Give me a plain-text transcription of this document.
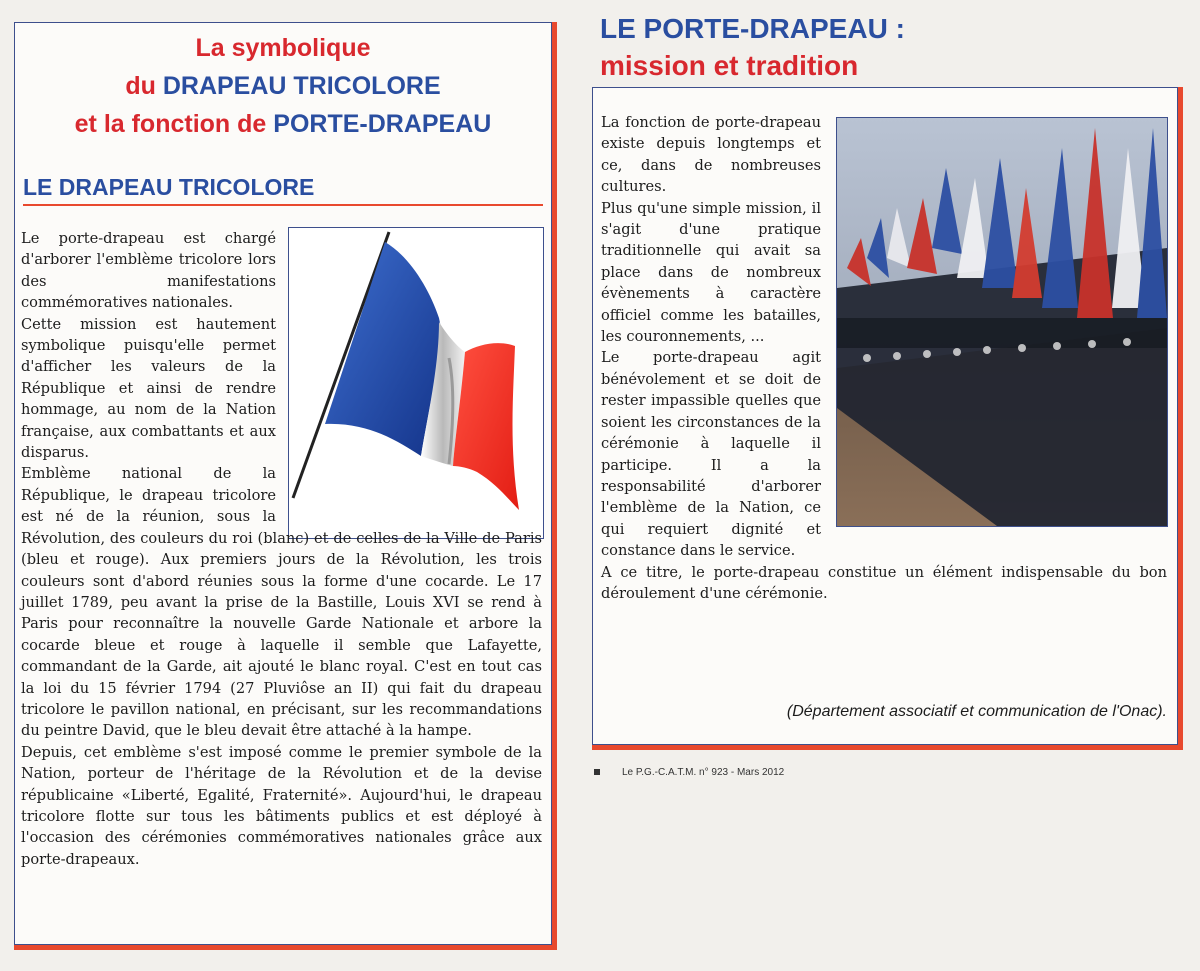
La symbolique
du DRAPEAU TRICOLORE
et la fonction de PORTE-DRAPEAU
LE DRAPEAU TRICOLORE

Le porte-drapeau est chargé d'arborer l'emblème tricolore lors des manifestations commémoratives nationales.

Cette mission est hautement symbolique puisqu'elle permet d'afficher les valeurs de la République et ainsi de rendre hommage, au nom de la Nation française, aux combattants et aux disparus.

Emblème national de la République, le drapeau tricolore est né de la réunion, sous la Révolution, des couleurs du roi (blanc) et de celles de la Ville de Paris (bleu et rouge). Aux premiers jours de la Révolution, les trois couleurs sont d'abord réunies sous la forme d'une cocarde. Le 17 juillet 1789, peu avant la prise de la Bastille, Louis XVI se rend à Paris pour reconnaître la nouvelle Garde Nationale et arbore la cocarde bleue et rouge à laquelle il semble que Lafayette, commandant de la Garde, ait ajouté le blanc royal. C'est en tout cas la loi du 15 février 1794 (27 Pluviôse an II) qui fait du drapeau tricolore le pavillon national, en précisant, sur les recommandations du peintre David, que le bleu devait être attaché à la hampe.

Depuis, cet emblème s'est imposé comme le premier symbole de la Nation, porteur de l'héritage de la Révolution et de la devise républicaine «Liberté, Egalité, Fraternité». Aujourd'hui, le drapeau tricolore flotte sur tous les bâtiments publics et est déployé à l'occasion des cérémonies commémoratives nationales grâce aux porte-drapeaux.

LE PORTE-DRAPEAU :
mission et tradition

La fonction de porte-drapeau existe depuis longtemps et ce, dans de nombreuses cultures.

Plus qu'une simple mission, il s'agit d'une pratique traditionnelle qui avait sa place dans de nombreux évènements à caractère officiel comme les batailles, les couronnements, ...

Le porte-drapeau agit bénévolement et se doit de rester impassible quelles que soient les circonstances de la cérémonie à laquelle il participe. Il a la responsabilité d'arborer l'emblème de la Nation, ce qui requiert dignité et constance dans le service.

A ce titre, le porte-drapeau constitue un élément indispensable du bon déroulement d'une cérémonie.

(Département associatif et communication de l'Onac).
Le P.G.-C.A.T.M. n° 923 - Mars 2012
